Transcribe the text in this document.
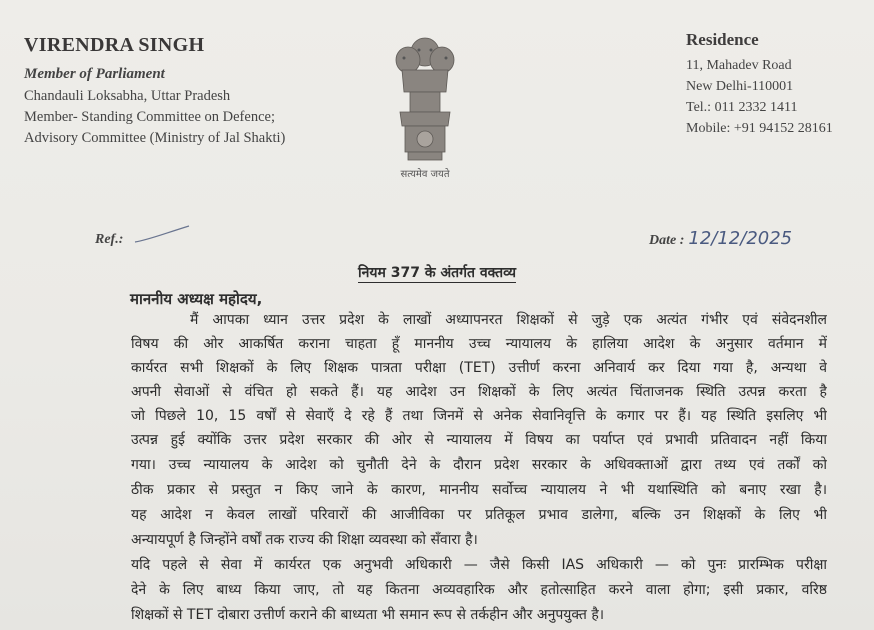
VIRENDRA SINGH
Member of Parliament
Chandauli Loksabha, Uttar Pradesh
Member- Standing Committee on Defence;
Advisory Committee (Ministry of Jal Shakti)
सत्यमेव जयते
Residence
11, Mahadev Road
New Delhi-110001
Tel.: 011 2332 1411
Mobile: +91 94152 28161
Ref.:	Date : 12/12/2025
नियम 377 के अंतर्गत वक्तव्य
माननीय अध्यक्ष महोदय,
मैं आपका ध्यान उत्तर प्रदेश के लाखों अध्यापनरत शिक्षकों से जुड़े एक अत्यंत गंभीर एवं संवेदनशील
विषय की ओर आकर्षित कराना चाहता हूँ माननीय उच्च न्यायालय के हालिया आदेश के अनुसार वर्तमान में
कार्यरत सभी शिक्षकों के लिए शिक्षक पात्रता परीक्षा (TET) उत्तीर्ण करना अनिवार्य कर दिया गया है, अन्यथा वे
अपनी सेवाओं से वंचित हो सकते हैं। यह आदेश उन शिक्षकों के लिए अत्यंत चिंताजनक स्थिति उत्पन्न करता है
जो पिछले 10, 15 वर्षों से सेवाएँ दे रहे हैं तथा जिनमें से अनेक सेवानिवृत्ति के कगार पर हैं। यह स्थिति इसलिए भी
उत्पन्न हुई क्योंकि उत्तर प्रदेश सरकार की ओर से न्यायालय में विषय का पर्याप्त एवं प्रभावी प्रतिवादन नहीं किया
गया। उच्च न्यायालय के आदेश को चुनौती देने के दौरान प्रदेश सरकार के अधिवक्ताओं द्वारा तथ्य एवं तर्कों को
ठीक प्रकार से प्रस्तुत न किए जाने के कारण, माननीय सर्वोच्च न्यायालय ने भी यथास्थिति को बनाए रखा है।
यह आदेश न केवल लाखों परिवारों की आजीविका पर प्रतिकूल प्रभाव डालेगा, बल्कि उन शिक्षकों के लिए भी
अन्यायपूर्ण है जिन्होंने वर्षों तक राज्य की शिक्षा व्यवस्था को सँवारा है।
यदि पहले से सेवा में कार्यरत एक अनुभवी अधिकारी — जैसे किसी IAS अधिकारी — को पुनः प्रारम्भिक परीक्षा
देने के लिए बाध्य किया जाए, तो यह कितना अव्यवहारिक और हतोत्साहित करने वाला होगा; इसी प्रकार, वरिष्ठ
शिक्षकों से TET दोबारा उत्तीर्ण कराने की बाध्यता भी समान रूप से तर्कहीन और अनुपयुक्त है।
